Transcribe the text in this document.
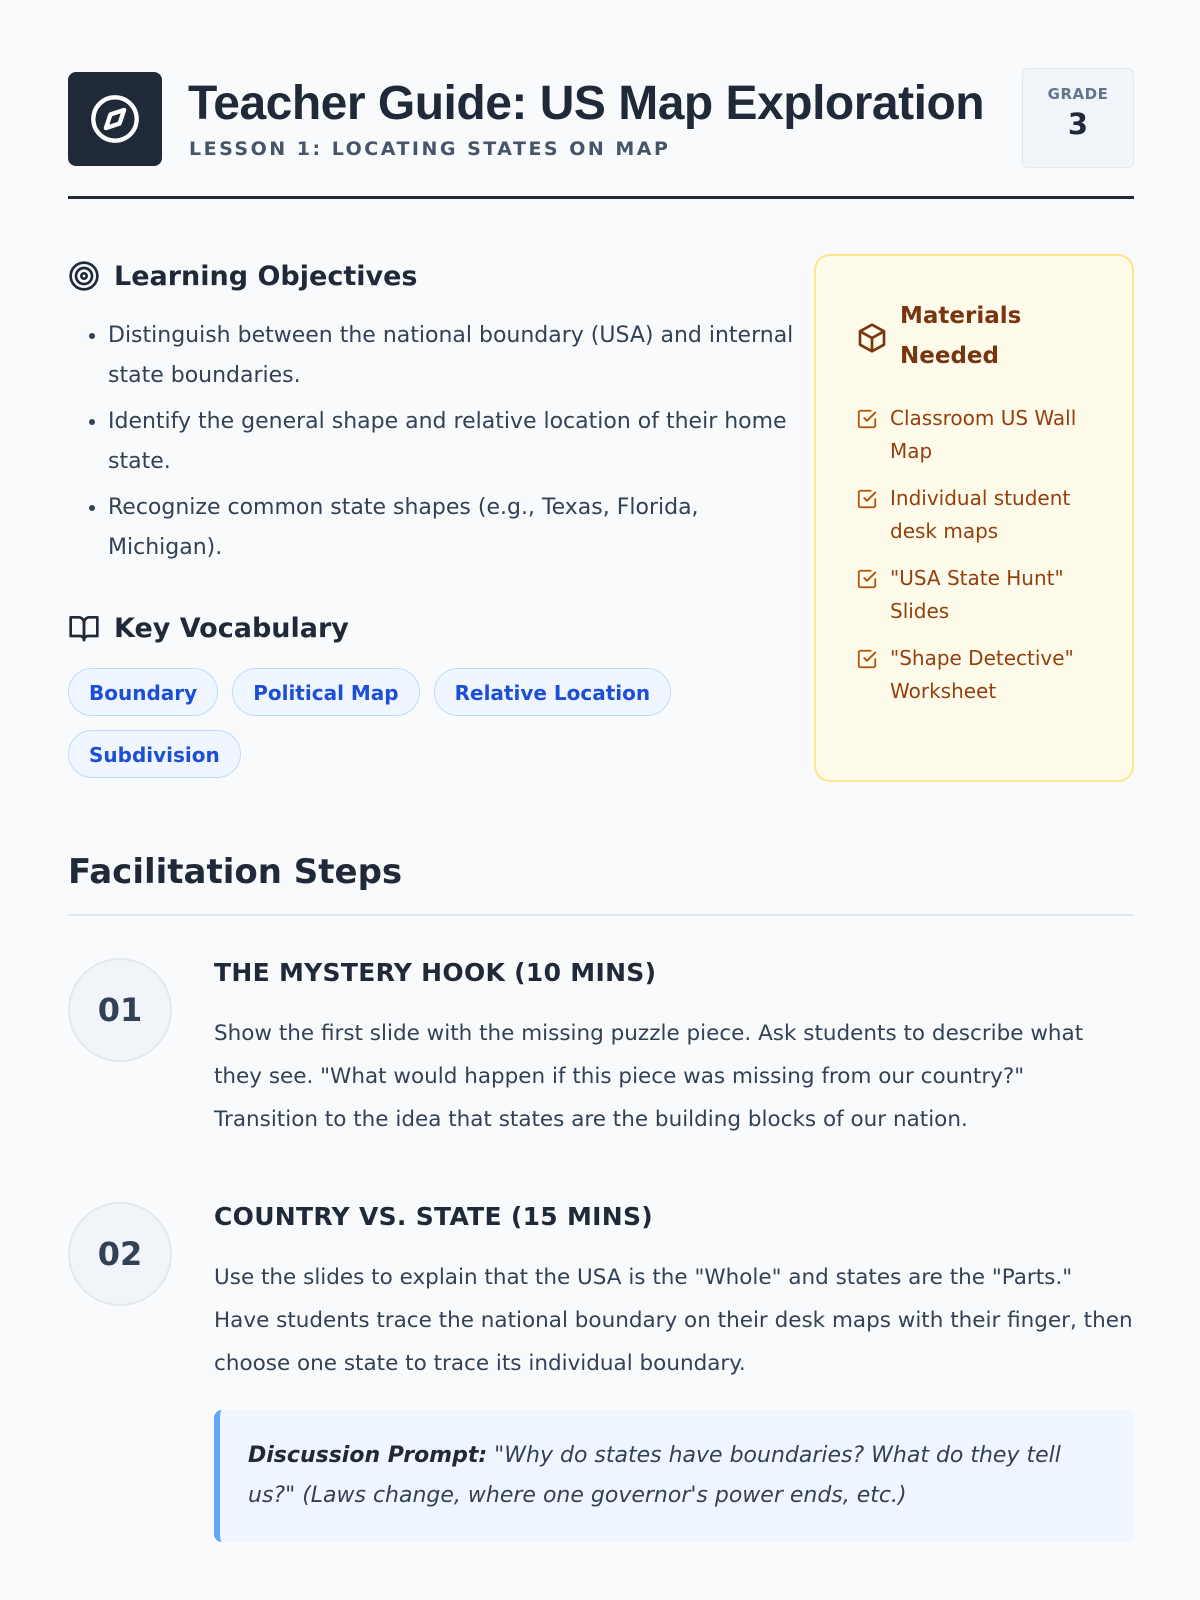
Teacher Guide: US Map Exploration
LESSON 1: LOCATING STATES ON MAP
GRADE
3
Learning Objectives
• Distinguish between the national boundary (USA) and internal state boundaries.
• Identify the general shape and relative location of their home state.
• Recognize common state shapes (e.g., Texas, Florida, Michigan).
Key Vocabulary
Boundary	Political Map	Relative Location
Subdivision
Materials Needed
Classroom US Wall Map
Individual student desk maps
"USA State Hunt" Slides
"Shape Detective" Worksheet
Facilitation Steps
01
THE MYSTERY HOOK (10 MINS)

Show the first slide with the missing puzzle piece. Ask students to describe what they see. "What would happen if this piece was missing from our country?" Transition to the idea that states are the building blocks of our nation.

02
COUNTRY VS. STATE (15 MINS)

Use the slides to explain that the USA is the "Whole" and states are the "Parts." Have students trace the national boundary on their desk maps with their finger, then choose one state to trace its individual boundary.

Discussion Prompt: "Why do states have boundaries? What do they tell us?" (Laws change, where one governor's power ends, etc.)
